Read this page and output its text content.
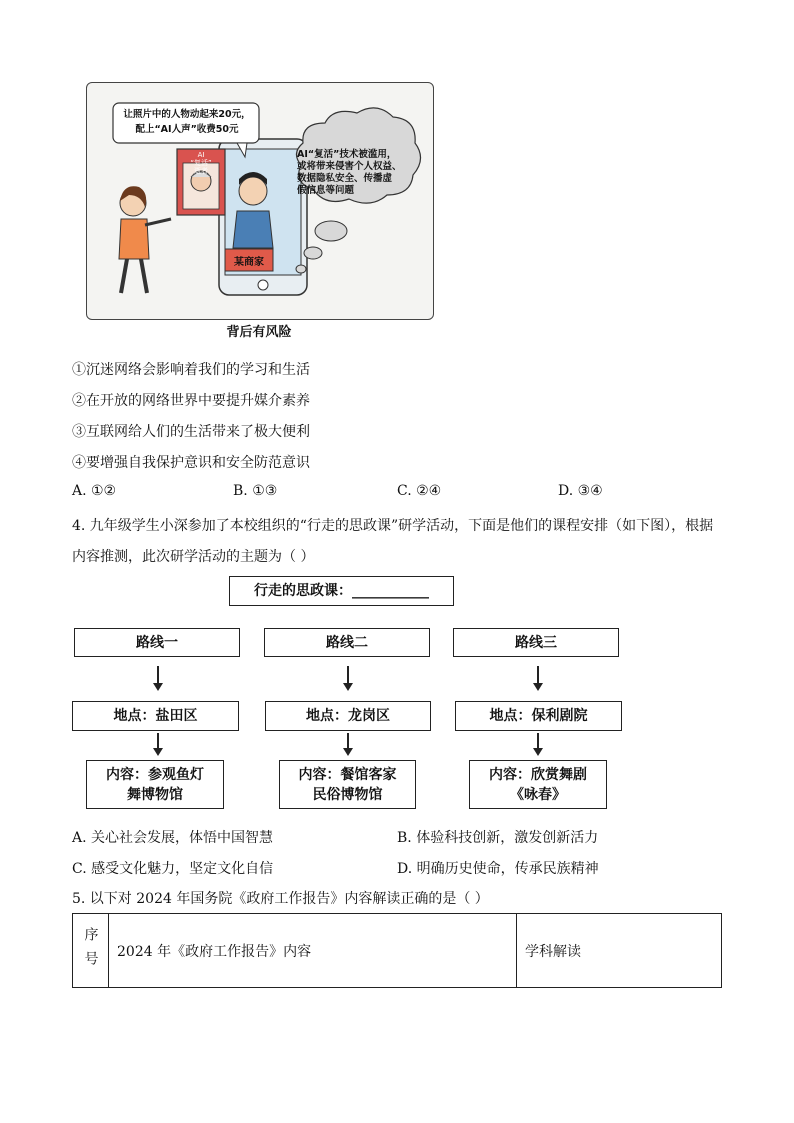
让照片中的人物动起来20元，
配上“AI人声”收费50元
AI“复活”技术被滥用，
或将带来侵害个人权益、
数据隐私安全、传播虚
假信息等问题
AI
“复活”
逝者
某商家
背后有风险
①沉迷网络会影响着我们的学习和生活
②在开放的网络世界中要提升媒介素养
③互联网给人们的生活带来了极大便利
④要增强自我保护意识和安全防范意识
A. ①②	B. ①③	C. ②④	D. ③④
4. 九年级学生小深参加了本校组织的“行走的思政课”研学活动，下面是他们的课程安排（如下图），根据
内容推测，此次研学活动的主题为（ ）
行走的思政课：___________
路线一	路线二	路线三
地点：盐田区	地点：龙岗区	地点：保利剧院
内容：参观鱼灯
舞博物馆
内容：餐馆客家
民俗博物馆
内容：欣赏舞剧
《咏春》
A. 关心社会发展，体悟中国智慧	B. 体验科技创新，激发创新活力
C. 感受文化魅力，坚定文化自信	D. 明确历史使命，传承民族精神
5. 以下对 2024 年国务院《政府工作报告》内容解读正确的是（ ）
序号	2024 年《政府工作报告》内容	学科解读
